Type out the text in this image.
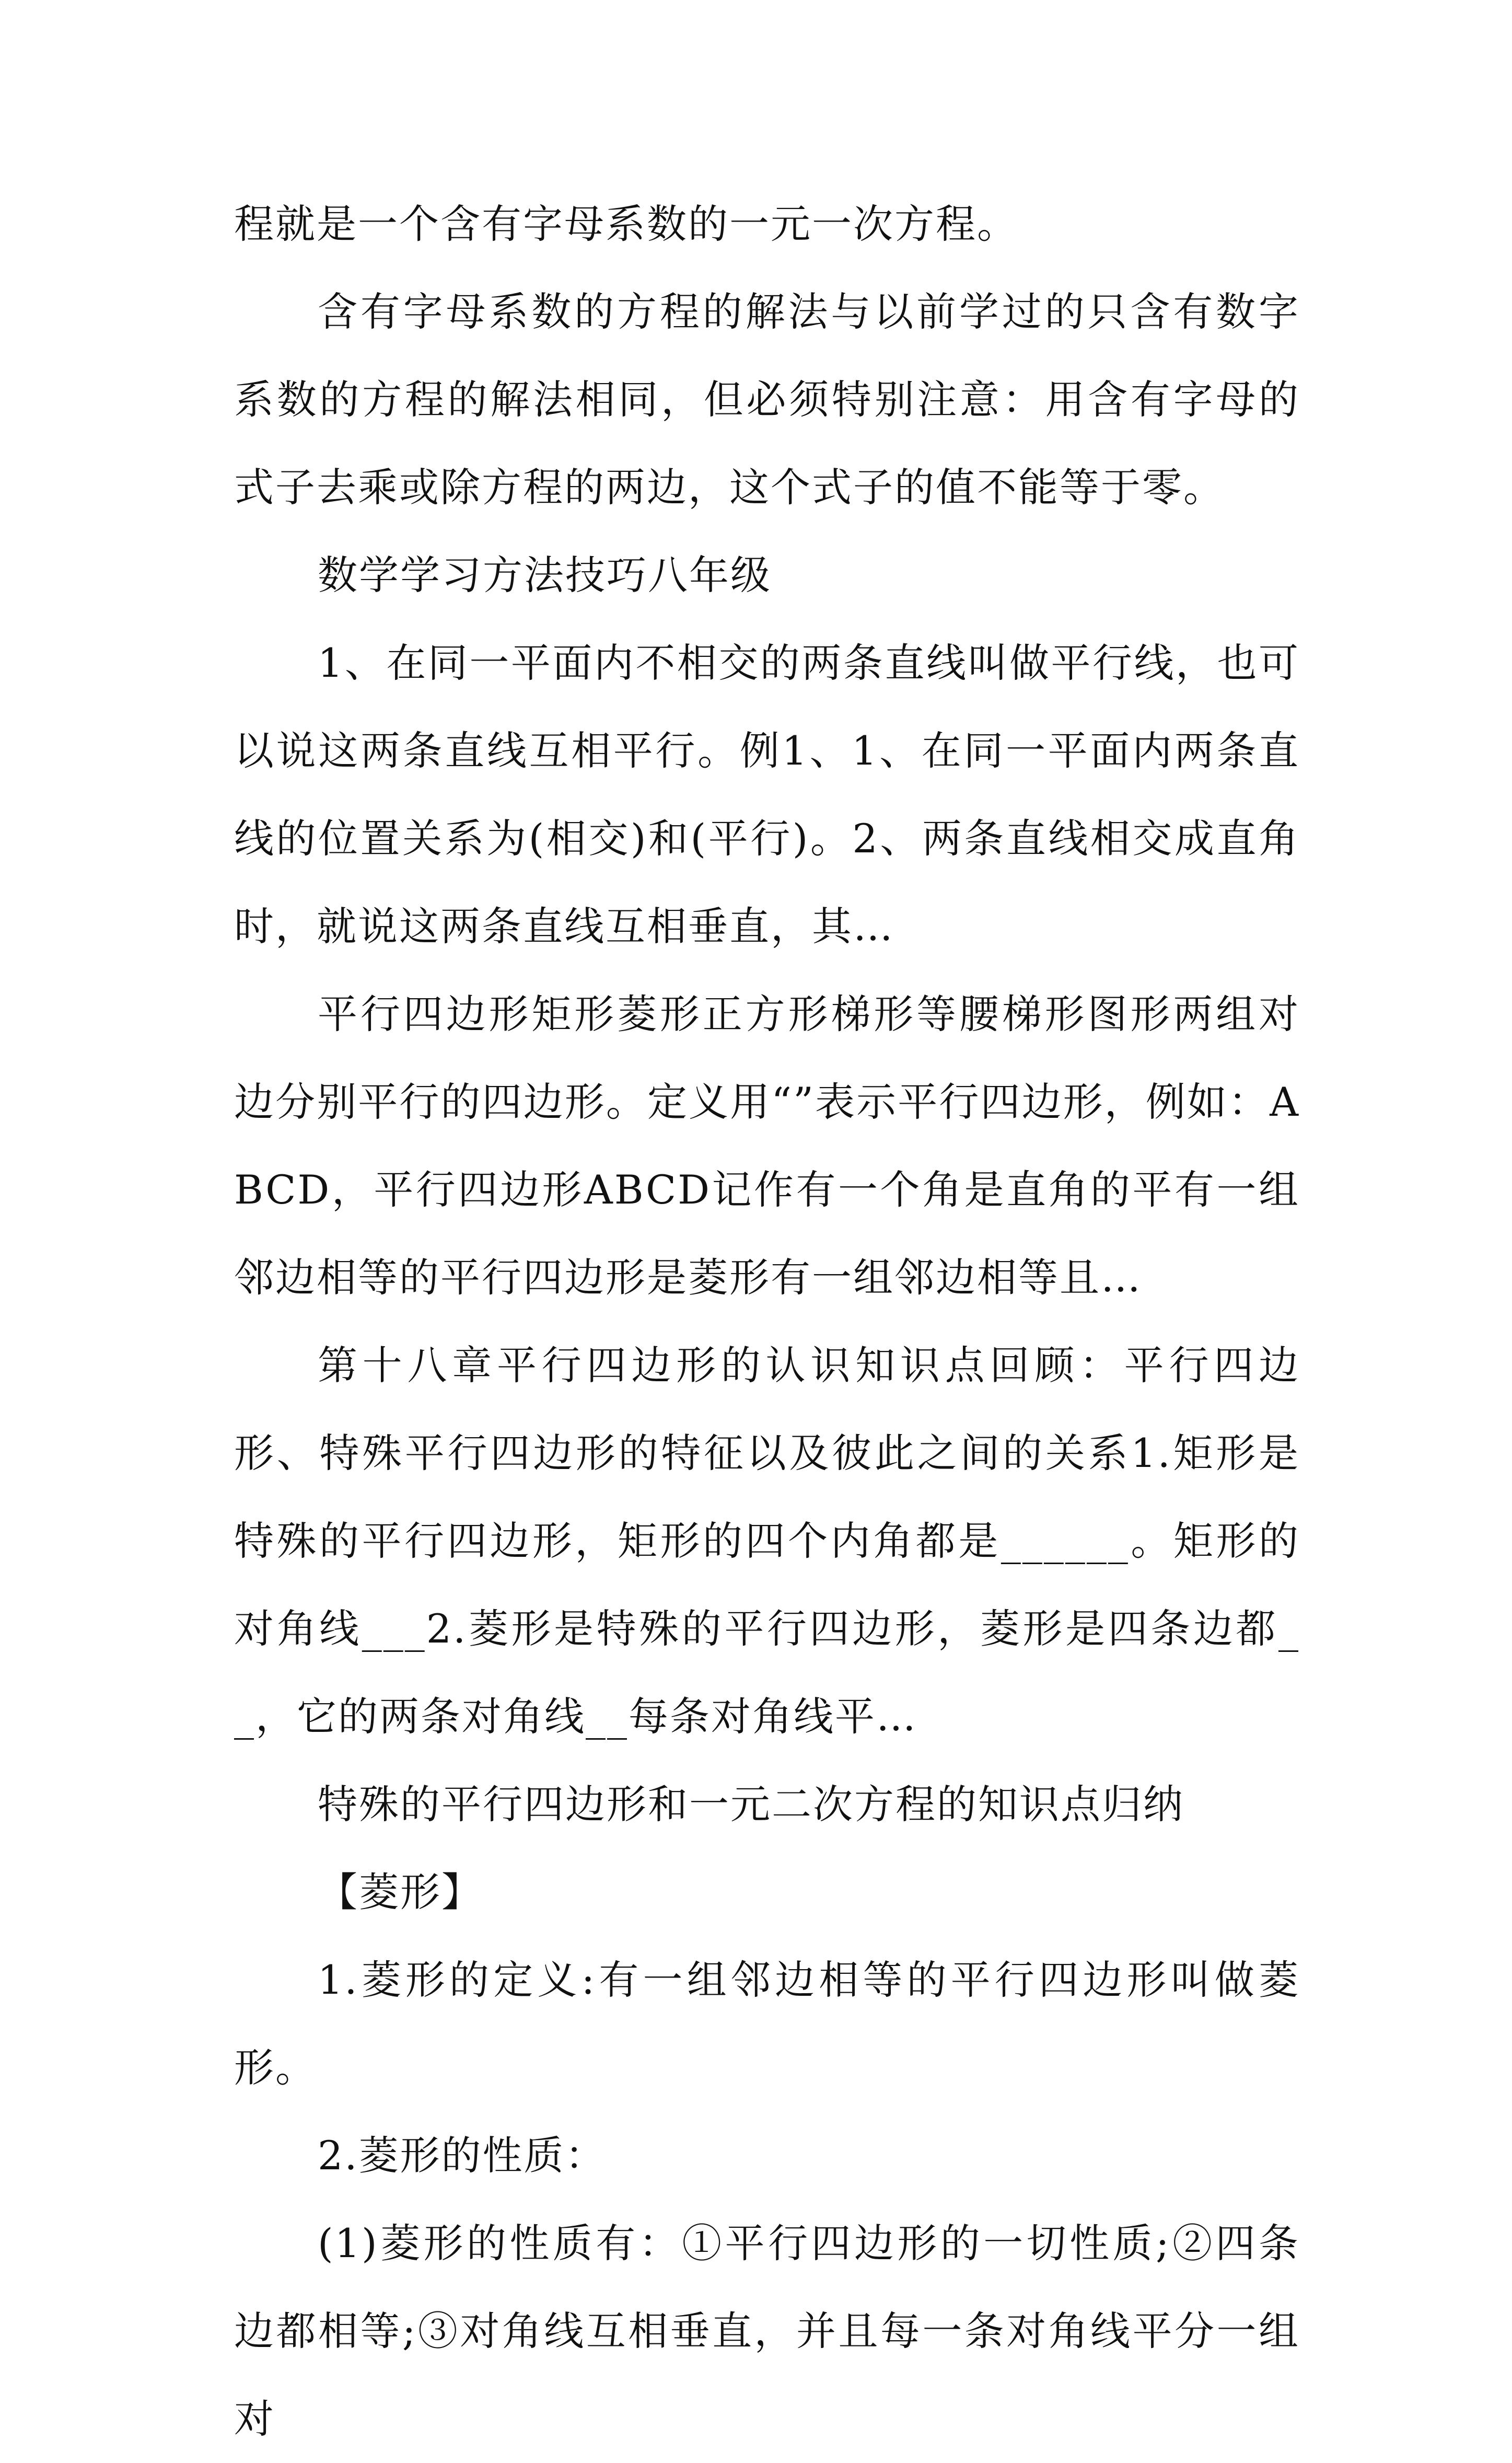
程就是一个含有字母系数的一元一次方程。

含有字母系数的方程的解法与以前学过的只含有数字系数的方程的解法相同，但必须特别注意：用含有字母的式子去乘或除方程的两边，这个式子的值不能等于零。

数学学习方法技巧八年级

1、在同一平面内不相交的两条直线叫做平行线，也可以说这两条直线互相平行。例1、1、在同一平面内两条直线的位置关系为(相交)和(平行)。2、两条直线相交成直角时，就说这两条直线互相垂直，其…

平行四边形矩形菱形正方形梯形等腰梯形图形两组对边分别平行的四边形。定义用“”表示平行四边形，例如：ABCD，平行四边形ABCD记作有一个角是直角的平有一组邻边相等的平行四边形是菱形有一组邻边相等且…

第十八章平行四边形的认识知识点回顾：平行四边形、特殊平行四边形的特征以及彼此之间的关系1.矩形是特殊的平行四边形，矩形的四个内角都是______。矩形的对角线___2.菱形是特殊的平行四边形，菱形是四条边都__，它的两条对角线__每条对角线平…

特殊的平行四边形和一元二次方程的知识点归纳

【菱形】

1.菱形的定义:有一组邻边相等的平行四边形叫做菱形。

2.菱形的性质：

(1)菱形的性质有：①平行四边形的一切性质;②四条边都相等;③对角线互相垂直，并且每一条对角线平分一组对
